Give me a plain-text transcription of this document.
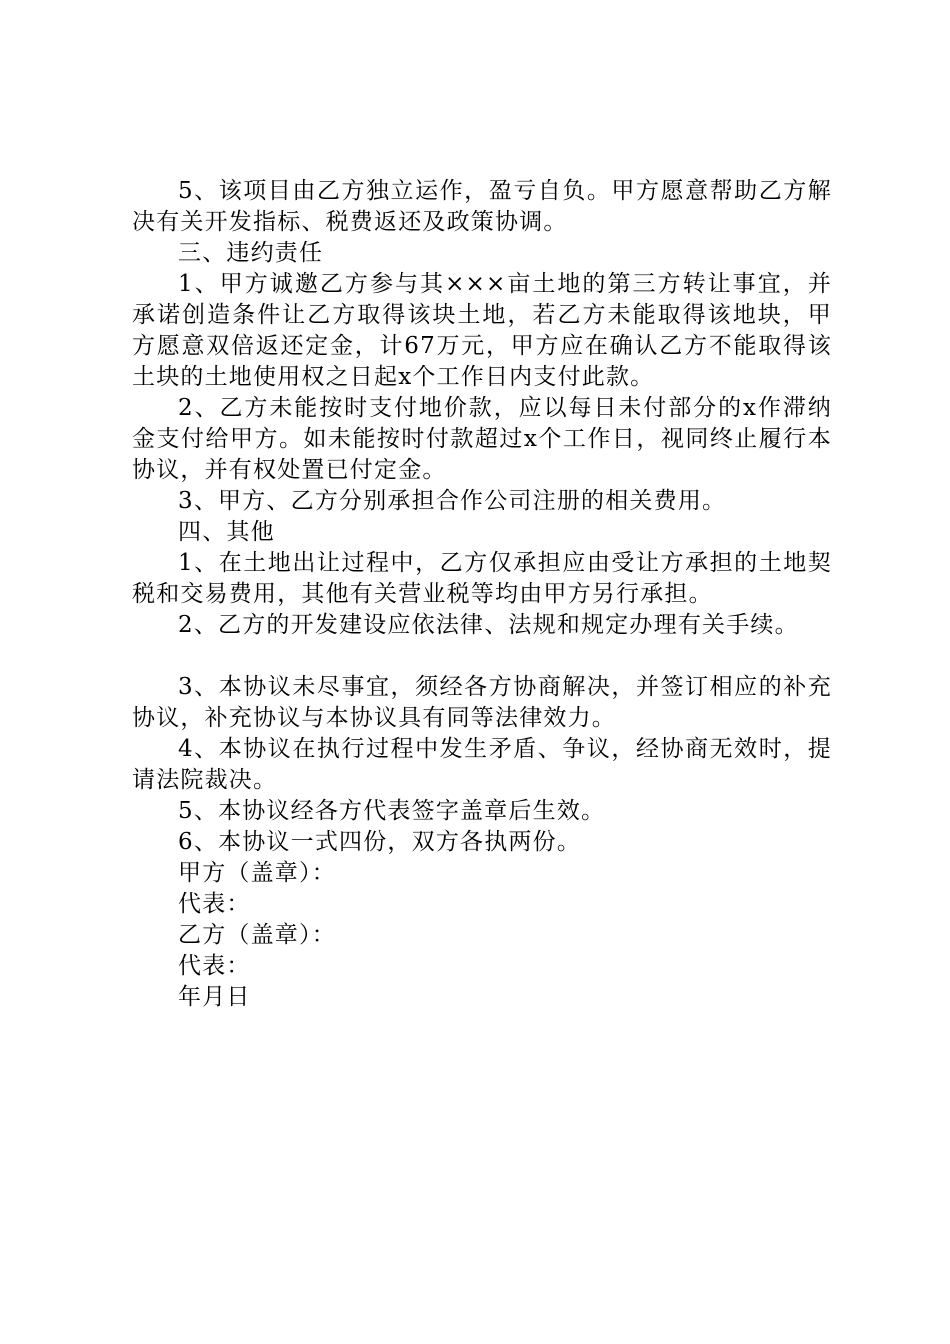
5、该项目由乙方独立运作，盈亏自负。甲方愿意帮助乙方解决有关开发指标、税费返还及政策协调。

三、违约责任

1、甲方诚邀乙方参与其×××亩土地的第三方转让事宜，并承诺创造条件让乙方取得该块土地，若乙方未能取得该地块，甲方愿意双倍返还定金，计67万元，甲方应在确认乙方不能取得该土块的土地使用权之日起x个工作日内支付此款。

2、乙方未能按时支付地价款，应以每日未付部分的x作滞纳金支付给甲方。如未能按时付款超过x个工作日，视同终止履行本协议，并有权处置已付定金。

3、甲方、乙方分别承担合作公司注册的相关费用。

四、其他

1、在土地出让过程中，乙方仅承担应由受让方承担的土地契税和交易费用，其他有关营业税等均由甲方另行承担。

2、乙方的开发建设应依法律、法规和规定办理有关手续。

3、本协议未尽事宜，须经各方协商解决，并签订相应的补充协议，补充协议与本协议具有同等法律效力。

4、本协议在执行过程中发生矛盾、争议，经协商无效时，提请法院裁决。

5、本协议经各方代表签字盖章后生效。

6、本协议一式四份，双方各执两份。

甲方（盖章）：

代表：

乙方（盖章）：

代表：

年月日
